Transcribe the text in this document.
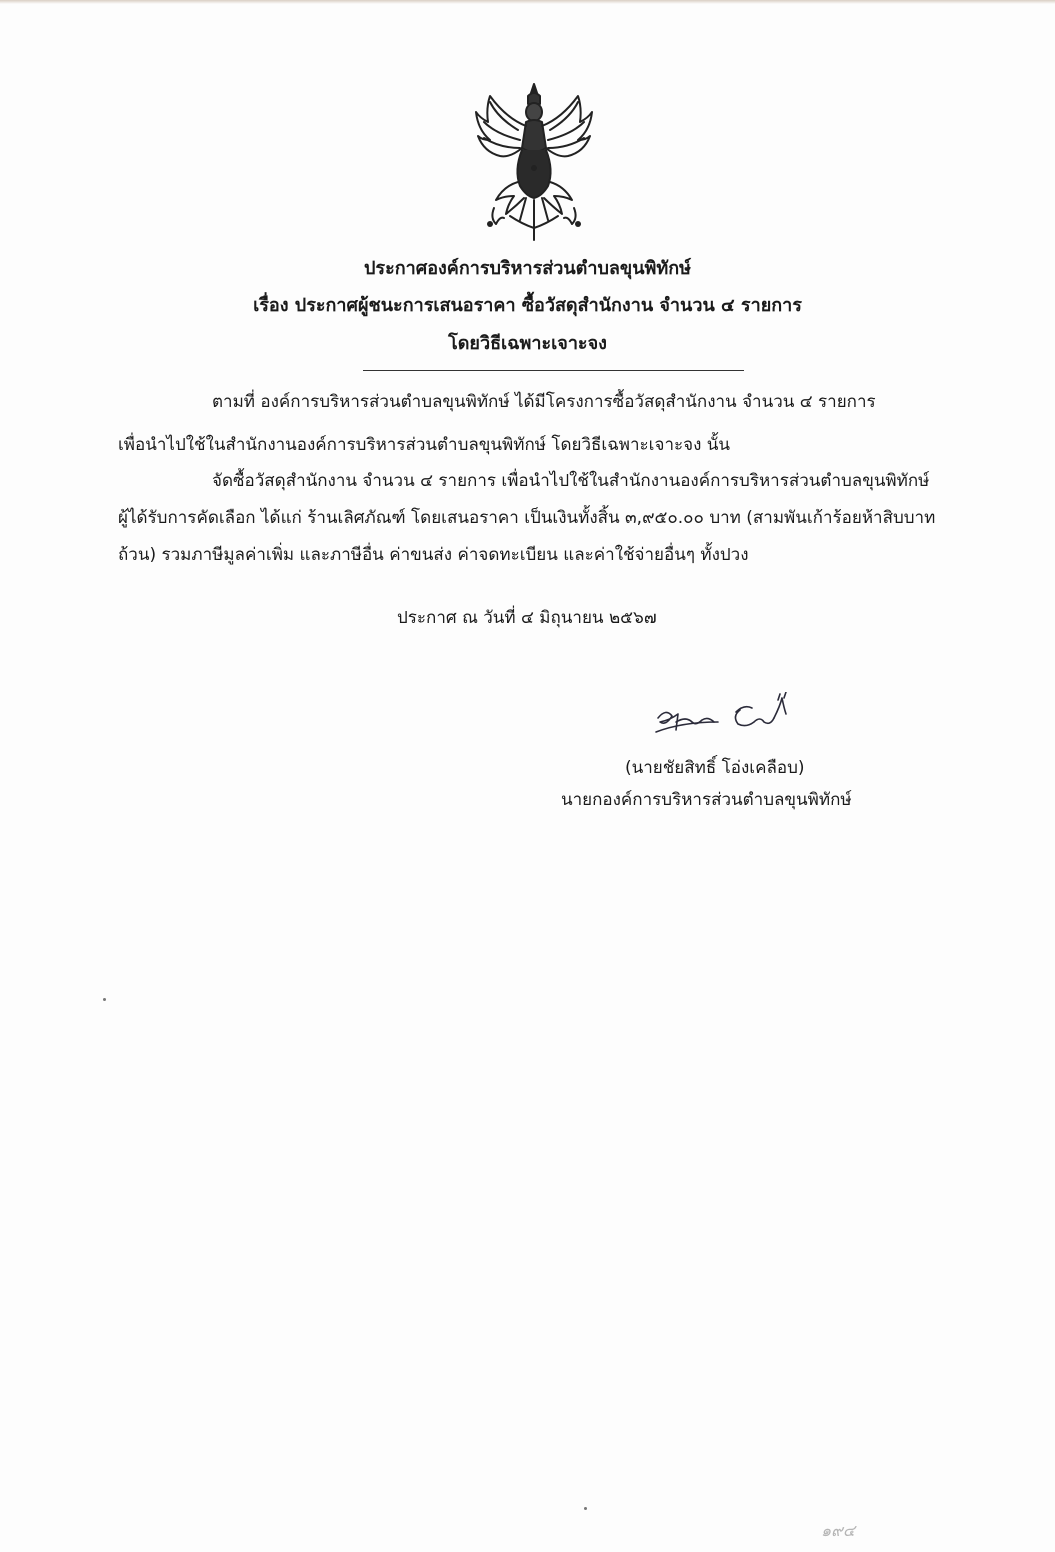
ประกาศองค์การบริหารส่วนตำบลขุนพิทักษ์
เรื่อง ประกาศผู้ชนะการเสนอราคา ซื้อวัสดุสำนักงาน จำนวน ๔ รายการ
โดยวิธีเฉพาะเจาะจง
ตามที่ องค์การบริหารส่วนตำบลขุนพิทักษ์ ได้มีโครงการซื้อวัสดุสำนักงาน จำนวน ๔ รายการ
เพื่อนำไปใช้ในสำนักงานองค์การบริหารส่วนตำบลขุนพิทักษ์ โดยวิธีเฉพาะเจาะจง นั้น
จัดซื้อวัสดุสำนักงาน จำนวน ๔ รายการ เพื่อนำไปใช้ในสำนักงานองค์การบริหารส่วนตำบลขุนพิทักษ์
ผู้ได้รับการคัดเลือก ได้แก่ ร้านเลิศภัณฑ์ โดยเสนอราคา เป็นเงินทั้งสิ้น ๓,๙๕๐.๐๐ บาท (สามพันเก้าร้อยห้าสิบบาท
ถ้วน) รวมภาษีมูลค่าเพิ่ม และภาษีอื่น ค่าขนส่ง ค่าจดทะเบียน และค่าใช้จ่ายอื่นๆ ทั้งปวง
ประกาศ ณ วันที่ ๔ มิถุนายน ๒๕๖๗
(นายชัยสิทธิ์ โอ่งเคลือบ)
นายกองค์การบริหารส่วนตำบลขุนพิทักษ์
๑๙๔
